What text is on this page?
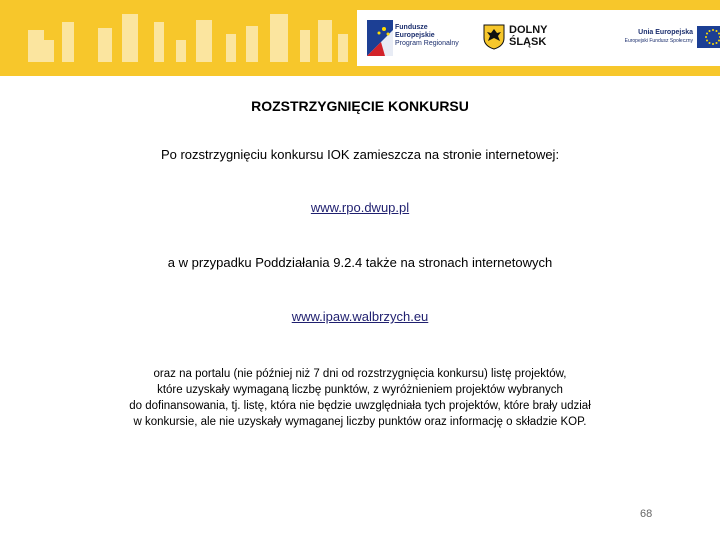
Fundusze
Europejskie
Program Regionalny
DOLNY
ŚLĄSK
Unia Europejska
Europejski Fundusz Społeczny
ROZSTRZYGNIĘCIE KONKURSU

Po rozstrzygnięciu konkursu IOK zamieszcza na stronie internetowej:

www.rpo.dwup.pl

a w przypadku Poddziałania 9.2.4 także na stronach internetowych

www.ipaw.walbrzych.eu

oraz na portalu (nie później niż 7 dni od rozstrzygnięcia konkursu) listę projektów,
które uzyskały wymaganą liczbę punktów, z wyróżnieniem projektów wybranych
do dofinansowania, tj. listę, która nie będzie uwzględniała tych projektów, które brały udział
w konkursie, ale nie uzyskały wymaganej liczby punktów oraz informację o składzie KOP.

68
